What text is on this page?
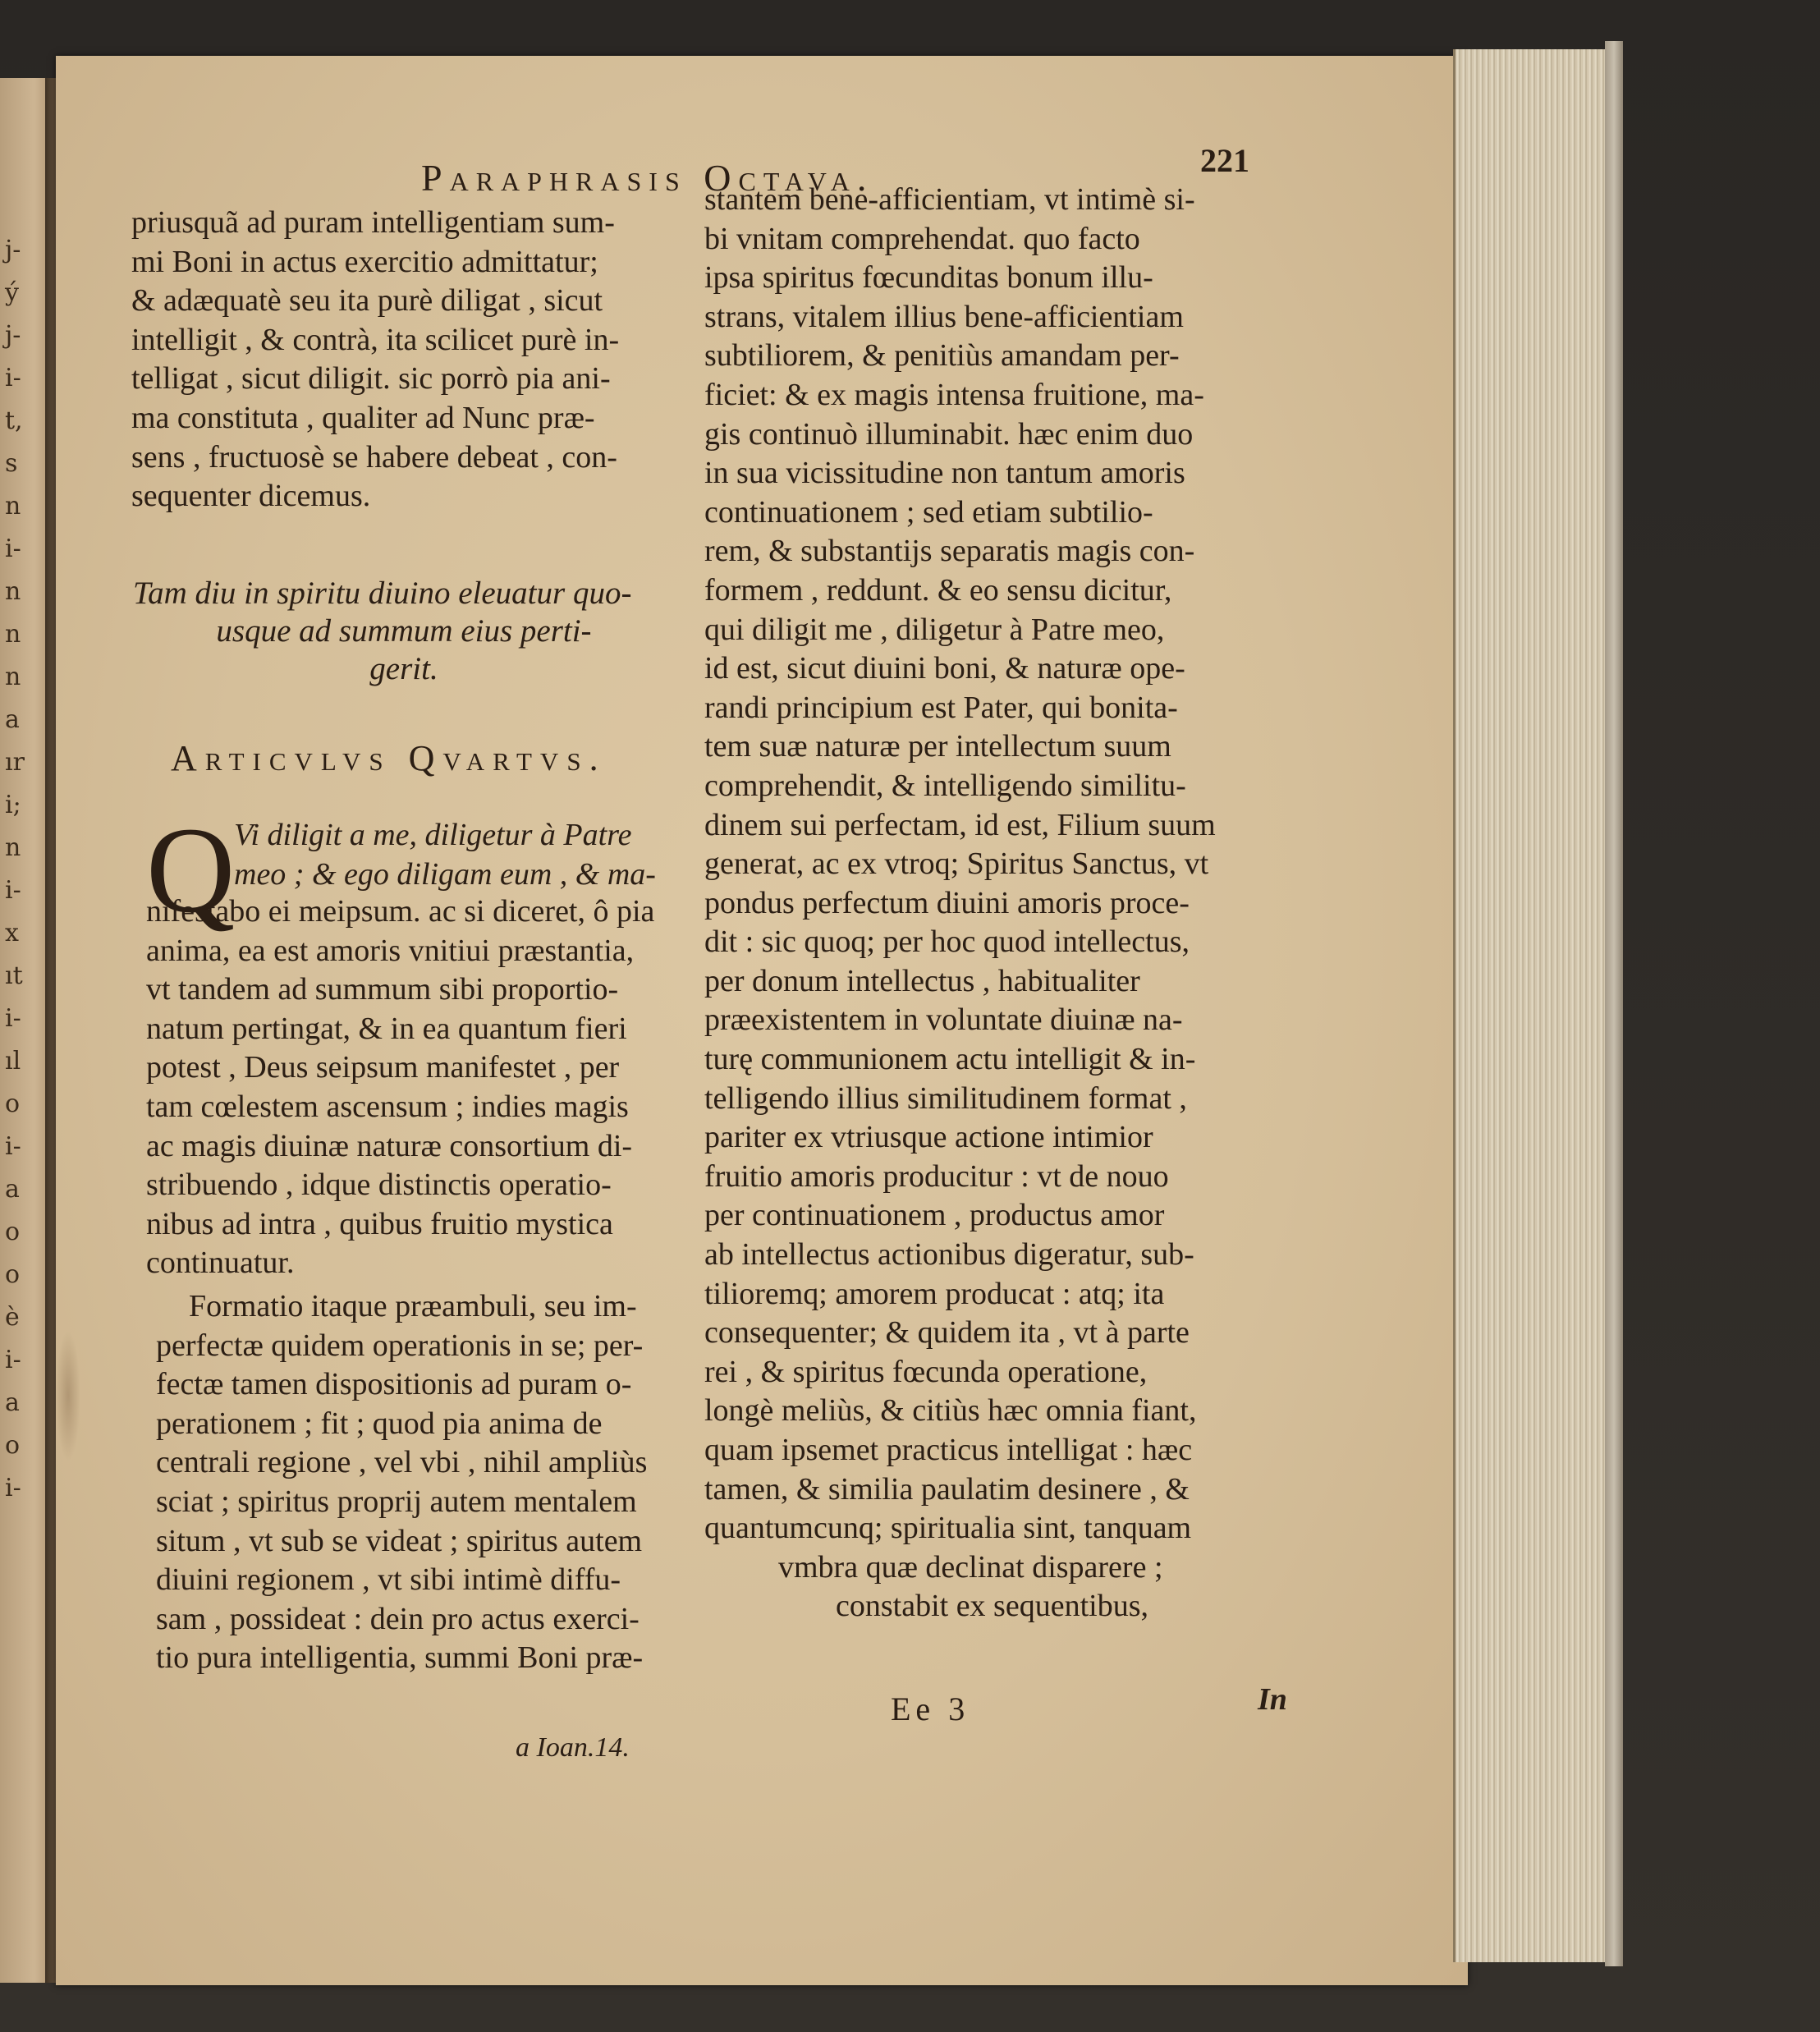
j-
ý
j-
i-
t,
s
n
i-
n
n
n
a
ır
i;
n
i-
x
ıt
i-
ıl
o
i-
a
o
o
è
i-
a
o
i-
Paraphrasis Octava.	221
priusquã ad puram intelligentiam sum-
mi Boni in actus exercitio admittatur;
& adæquatè seu ita purè diligat , sicut
intelligit , & contrà, ita scilicet purè in-
telligat , sicut diligit. sic porrò pia ani-
ma constituta , qualiter ad Nunc præ-
sens , fructuosè se habere debeat , con-
sequenter dicemus.
Tam diu in spiritu diuino eleuatur quo-
usque ad summum eius perti-
gerit.
Articvlvs Qvartvs.
Q
Vi diligit a me, diligetur à Patre
meo ; & ego diligam eum , & ma-
nifestabo ei meipsum. ac si diceret, ô pia
anima, ea est amoris vnitiui præstantia,
vt tandem ad summum sibi proportio-
natum pertingat, & in ea quantum fieri
potest , Deus seipsum manifestet , per
tam cœlestem ascensum ; indies magis
ac magis diuinæ naturæ consortium di-
stribuendo , idque distinctis operatio-
nibus ad intra , quibus fruitio mystica
continuatur.
Formatio itaque præambuli, seu im-
perfectæ quidem operationis in se; per-
fectæ tamen dispositionis ad puram o-
perationem ; fit ; quod pia anima de
centrali regione , vel vbi , nihil ampliùs
sciat ; spiritus proprij autem mentalem
situm , vt sub se videat ; spiritus autem
diuini regionem , vt sibi intimè diffu-
sam , possideat : dein pro actus exerci-
tio pura intelligentia, summi Boni præ-
stantem bene-afficientiam, vt intimè si-
bi vnitam comprehendat. quo facto
ipsa spiritus fœcunditas bonum illu-
strans, vitalem illius bene-afficientiam
subtiliorem, & penitiùs amandam per-
ficiet: & ex magis intensa fruitione, ma-
gis continuò illuminabit. hæc enim duo
in sua vicissitudine non tantum amoris
continuationem ; sed etiam subtilio-
rem, & substantijs separatis magis con-
formem , reddunt. & eo sensu dicitur,
qui diligit me , diligetur à Patre meo,
id est, sicut diuini boni, & naturæ ope-
randi principium est Pater, qui bonita-
tem suæ naturæ per intellectum suum
comprehendit, & intelligendo similitu-
dinem sui perfectam, id est, Filium suum
generat, ac ex vtroq; Spiritus Sanctus, vt
pondus perfectum diuini amoris proce-
dit : sic quoq; per hoc quod intellectus,
per donum intellectus , habitualiter
præexistentem in voluntate diuinæ na-
turę communionem actu intelligit & in-
telligendo illius similitudinem format ,
pariter ex vtriusque actione intimior
fruitio amoris producitur : vt de nouo
per continuationem , productus amor
ab intellectus actionibus digeratur, sub-
tilioremq; amorem producat : atq; ita
consequenter; & quidem ita , vt à parte
rei , & spiritus fœcunda operatione,
longè meliùs, & citiùs hæc omnia fiant,
quam ipsemet practicus intelligat : hæc
tamen, & similia paulatim desinere , &
quantumcunq; spiritualia sint, tanquam
vmbra quæ declinat disparere ;
constabit ex sequentibus,
Ee 3	In
a Ioan.14.
